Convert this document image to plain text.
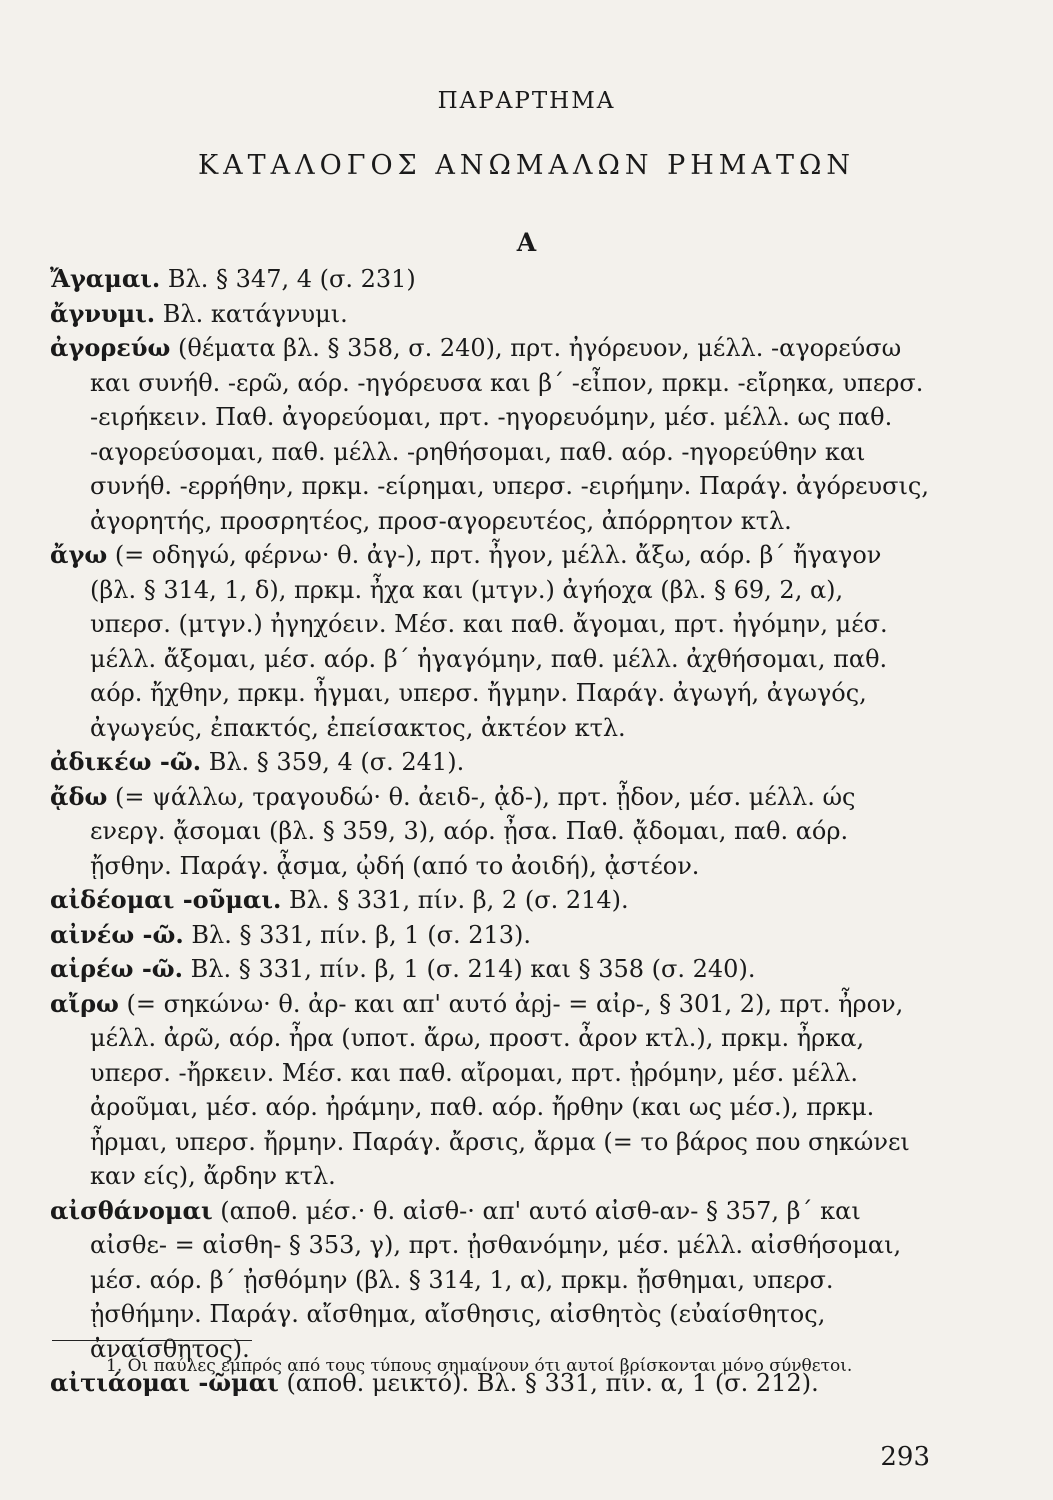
ΠΑΡΑΡΤΗΜΑ
ΚΑΤΑΛΟΓΟΣ ΑΝΩΜΑΛΩΝ ΡΗΜΑΤΩΝ
Α

Ἄγαμαι. Βλ. § 347, 4 (σ. 231)

ἄγνυμι. Βλ. κατάγνυμι.

ἀγορεύω (θέματα βλ. § 358, σ. 240), πρτ. ἠγόρευον, μέλλ. -αγορεύσω και συνήθ. -ερῶ, αόρ. -ηγόρευσα και β΄ -εἶπον, πρκμ. -εἴρηκα, υπερσ. -ειρήκειν. Παθ. ἀγορεύομαι, πρτ. -ηγορευόμην, μέσ. μέλλ. ως παθ. -αγορεύσομαι, παθ. μέλλ. -ρηθήσομαι, παθ. αόρ. -ηγορεύθην και συνήθ. -ερρήθην, πρκμ. -είρημαι, υπερσ. -ειρήμην. Παράγ. ἀγόρευσις, ἀγορητής, προσρητέος, προσ-αγορευτέος, ἀπόρρητον κτλ.

ἄγω (= οδηγώ, φέρνω· θ. ἀγ-), πρτ. ἦγον, μέλλ. ἄξω, αόρ. β΄ ἤγαγον (βλ. § 314, 1, δ), πρκμ. ἦχα και (μτγν.) ἀγήοχα (βλ. § 69, 2, α), υπερσ. (μτγν.) ἠγηχόειν. Μέσ. και παθ. ἄγομαι, πρτ. ἠγόμην, μέσ. μέλλ. ἄξομαι, μέσ. αόρ. β΄ ἠγαγόμην, παθ. μέλλ. ἀχθήσομαι, παθ. αόρ. ἤχθην, πρκμ. ἦγμαι, υπερσ. ἤγμην. Παράγ. ἀγωγή, ἀγωγός, ἀγωγεύς, ἐπακτός, ἐπείσακτος, ἀκτέον κτλ.

ἀδικέω -ῶ. Βλ. § 359, 4 (σ. 241).

ᾄδω (= ψάλλω, τραγουδώ· θ. ἀειδ-, ᾀδ-), πρτ. ᾖδον, μέσ. μέλλ. ώς ενεργ. ᾄσομαι (βλ. § 359, 3), αόρ. ᾖσα. Παθ. ᾄδομαι, παθ. αόρ. ᾔσθην. Παράγ. ᾆσμα, ᾠδή (από το ἀοιδή), ᾀστέον.

αἰδέομαι -οῦμαι. Βλ. § 331, πίν. β, 2 (σ. 214).

αἰνέω -ῶ. Βλ. § 331, πίν. β, 1 (σ. 213).

αἱρέω -ῶ. Βλ. § 331, πίν. β, 1 (σ. 214) και § 358 (σ. 240).

αἴρω (= σηκώνω· θ. ἀρ- και απ' αυτό ἀρj- = αἰρ-, § 301, 2), πρτ. ἦρον, μέλλ. ἀρῶ, αόρ. ἦρα (υποτ. ἄρω, προστ. ἆρον κτλ.), πρκμ. ἦρκα, υπερσ. -ἤρκειν. Μέσ. και παθ. αἴρομαι, πρτ. ᾐρόμην, μέσ. μέλλ. ἀροῦμαι, μέσ. αόρ. ἠράμην, παθ. αόρ. ἤρθην (και ως μέσ.), πρκμ. ἦρμαι, υπερσ. ἤρμην. Παράγ. ἄρσις, ἄρμα (= το βάρος που σηκώνει καν είς), ἄρδην κτλ.

αἰσθάνομαι (αποθ. μέσ.· θ. αἰσθ-· απ' αυτό αἰσθ-αν- § 357, β΄ και αἰσθε- = αἰσθη- § 353, γ), πρτ. ᾐσθανόμην, μέσ. μέλλ. αἰσθήσομαι, μέσ. αόρ. β΄ ᾐσθόμην (βλ. § 314, 1, α), πρκμ. ᾔσθημαι, υπερσ. ᾐσθήμην. Παράγ. αἴσθημα, αἴσθησις, αἰσθητὸς (εὐαίσθητος, ἀναίσθητος).

αἰτιάομαι -ῶμαι (αποθ. μεικτό). Βλ. § 331, πίν. α, 1 (σ. 212).

1. Οι παύλες εμπρός από τους τύπους σημαίνουν ότι αυτοί βρίσκονται μόνο σύνθετοι.
293
